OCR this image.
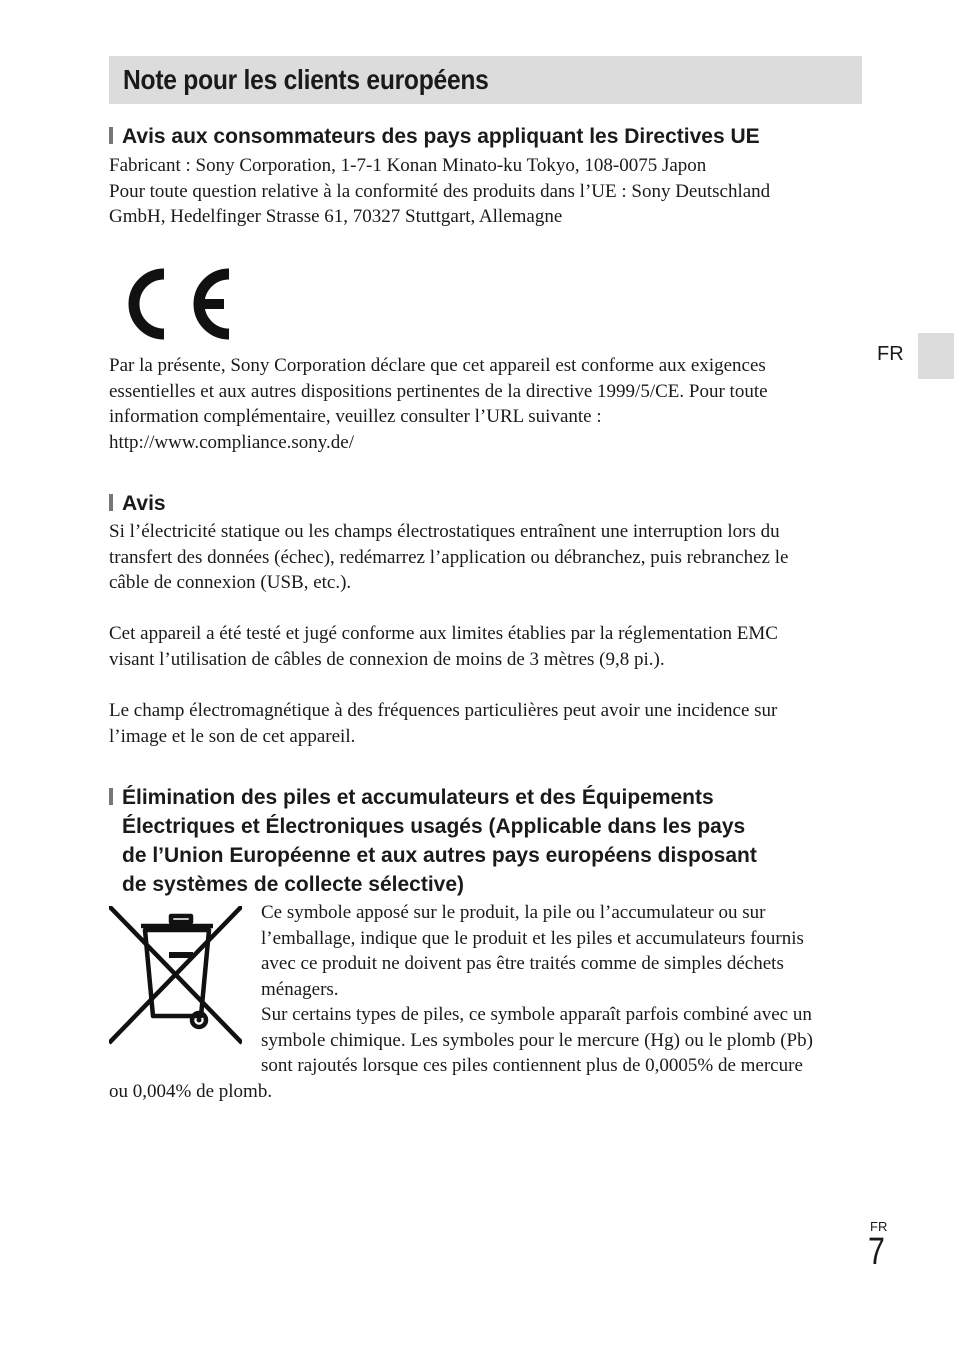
Note pour les clients européens
Avis aux consommateurs des pays appliquant les Directives UE
Fabricant : Sony Corporation, 1-7-1 Konan Minato-ku Tokyo, 108-0075 Japon
Pour toute question relative à la conformité des produits dans l’UE : Sony Deutschland
GmbH, Hedelfinger Strasse 61, 70327 Stuttgart, Allemagne
Par la présente, Sony Corporation déclare que cet appareil est conforme aux exigences
essentielles et aux autres dispositions pertinentes de la directive 1999/5/CE. Pour toute
information complémentaire, veuillez consulter l’URL suivante :
http://www.compliance.sony.de/
Avis
Si l’électricité statique ou les champs électrostatiques entraînent une interruption lors du
transfert des données (échec), redémarrez l’application ou débranchez, puis rebranchez le
câble de connexion (USB, etc.).
Cet appareil a été testé et jugé conforme aux limites établies par la réglementation EMC
visant l’utilisation de câbles de connexion de moins de 3 mètres (9,8 pi.).
Le champ électromagnétique à des fréquences particulières peut avoir une incidence sur
l’image et le son de cet appareil.
Élimination des piles et accumulateurs et des Équipements
Électriques et Électroniques usagés (Applicable dans les pays
de l’Union Européenne et aux autres pays européens disposant
de systèmes de collecte sélective)
Ce symbole apposé sur le produit, la pile ou l’accumulateur ou sur
l’emballage, indique que le produit et les piles et accumulateurs fournis
avec ce produit ne doivent pas être traités comme de simples déchets
ménagers.
Sur certains types de piles, ce symbole apparaît parfois combiné avec un
symbole chimique. Les symboles pour le mercure (Hg) ou le plomb (Pb)
sont rajoutés lorsque ces piles contiennent plus de 0,0005% de mercure
ou 0,004% de plomb.
FR
FR
7
